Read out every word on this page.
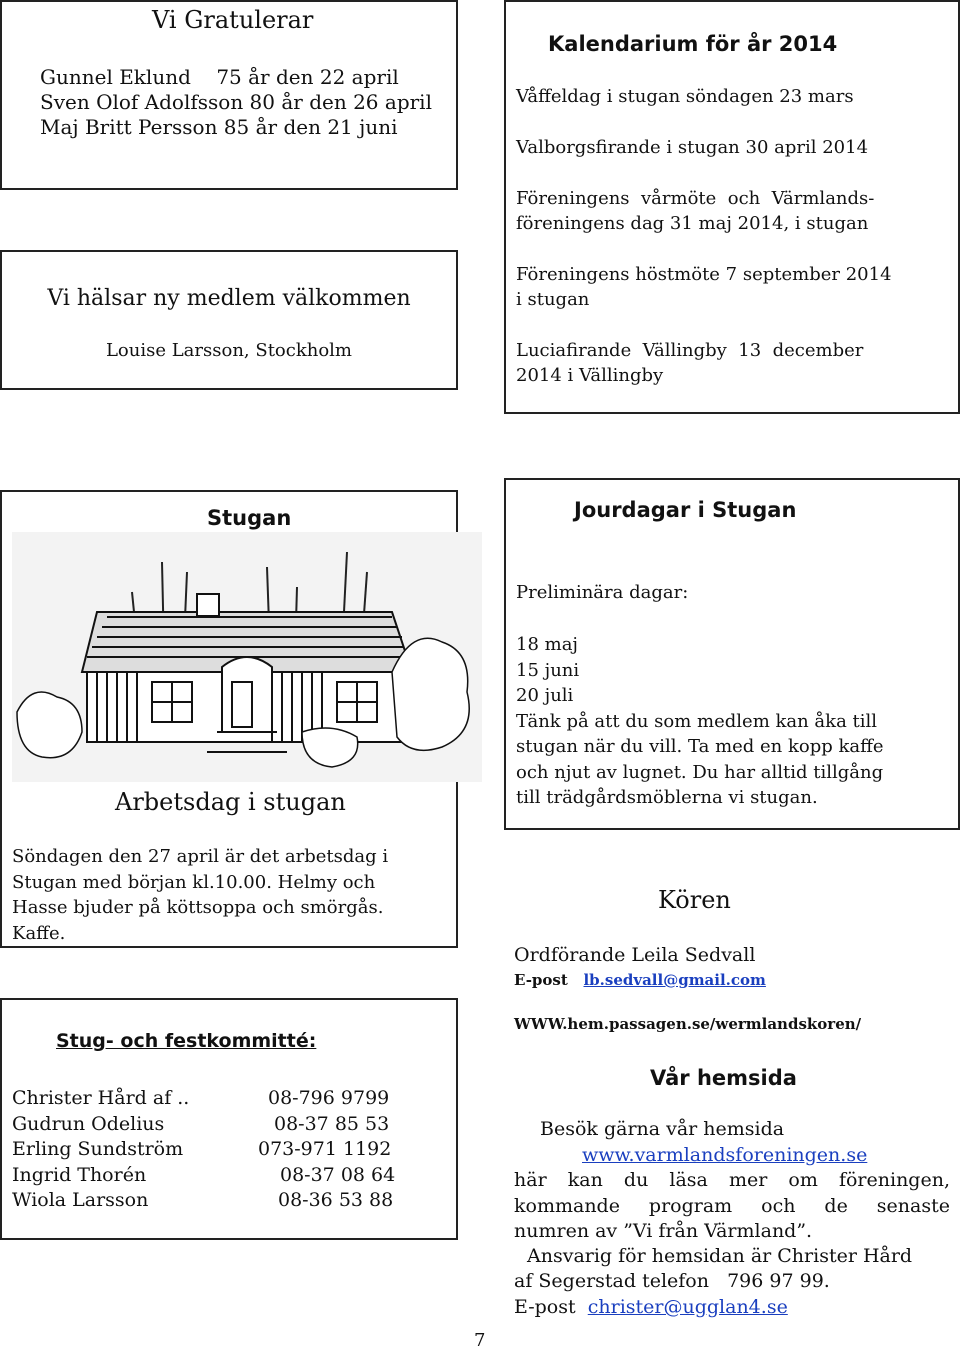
Vi Gratulerar
Gunnel Eklund    75 år den 22 april
Sven Olof Adolfsson 80 år den 26 april
Maj Britt Persson 85 år den 21 juni
Vi hälsar ny medlem välkommen
Louise Larsson, Stockholm
Kalendarium för år 2014
Våffeldag i stugan söndagen 23 mars
Valborgsfirande i stugan 30 april 2014
Föreningens  vårmöte  och  Värmlands-
föreningens dag 31 maj 2014, i stugan
Föreningens höstmöte 7 september 2014
i stugan
Luciafirande  Vällingby  13  december
2014 i Vällingby
Stugan
Arbetsdag i stugan
Söndagen den 27 april är det arbetsdag i
Stugan med början kl.10.00. Helmy och
Hasse bjuder på köttsoppa och smörgås.
Kaffe.
Jourdagar i Stugan
Preliminära dagar:
18 maj
15 juni
20 juli
Tänk på att du som medlem kan åka till
stugan när du vill. Ta med en kopp kaffe
och njut av lugnet. Du har alltid tillgång
till trädgårdsmöblerna vi stugan.
Stug- och festkommitté:
Christer Hård af ..	08-796 9799
Gudrun Odelius	08-37 85 53
Erling Sundström	073-971 1192
Ingrid Thorén	08-37 08 64
Wiola Larsson	08-36 53 88
Kören
Ordförande Leila Sedvall
E-post lb.sedvall@gmail.com
WWW.hem.passagen.se/wermlandskoren/
Vår hemsida
Besök gärna vår hemsida
www.varmlandsforeningen.se
här kan du läsa mer om föreningen,
kommande program och de senaste
numren av ”Vi från Värmland”.
Ansvarig för hemsidan är Christer Hård
af Segerstad telefon   796 97 99.
E-post christer@ugglan4.se
7
